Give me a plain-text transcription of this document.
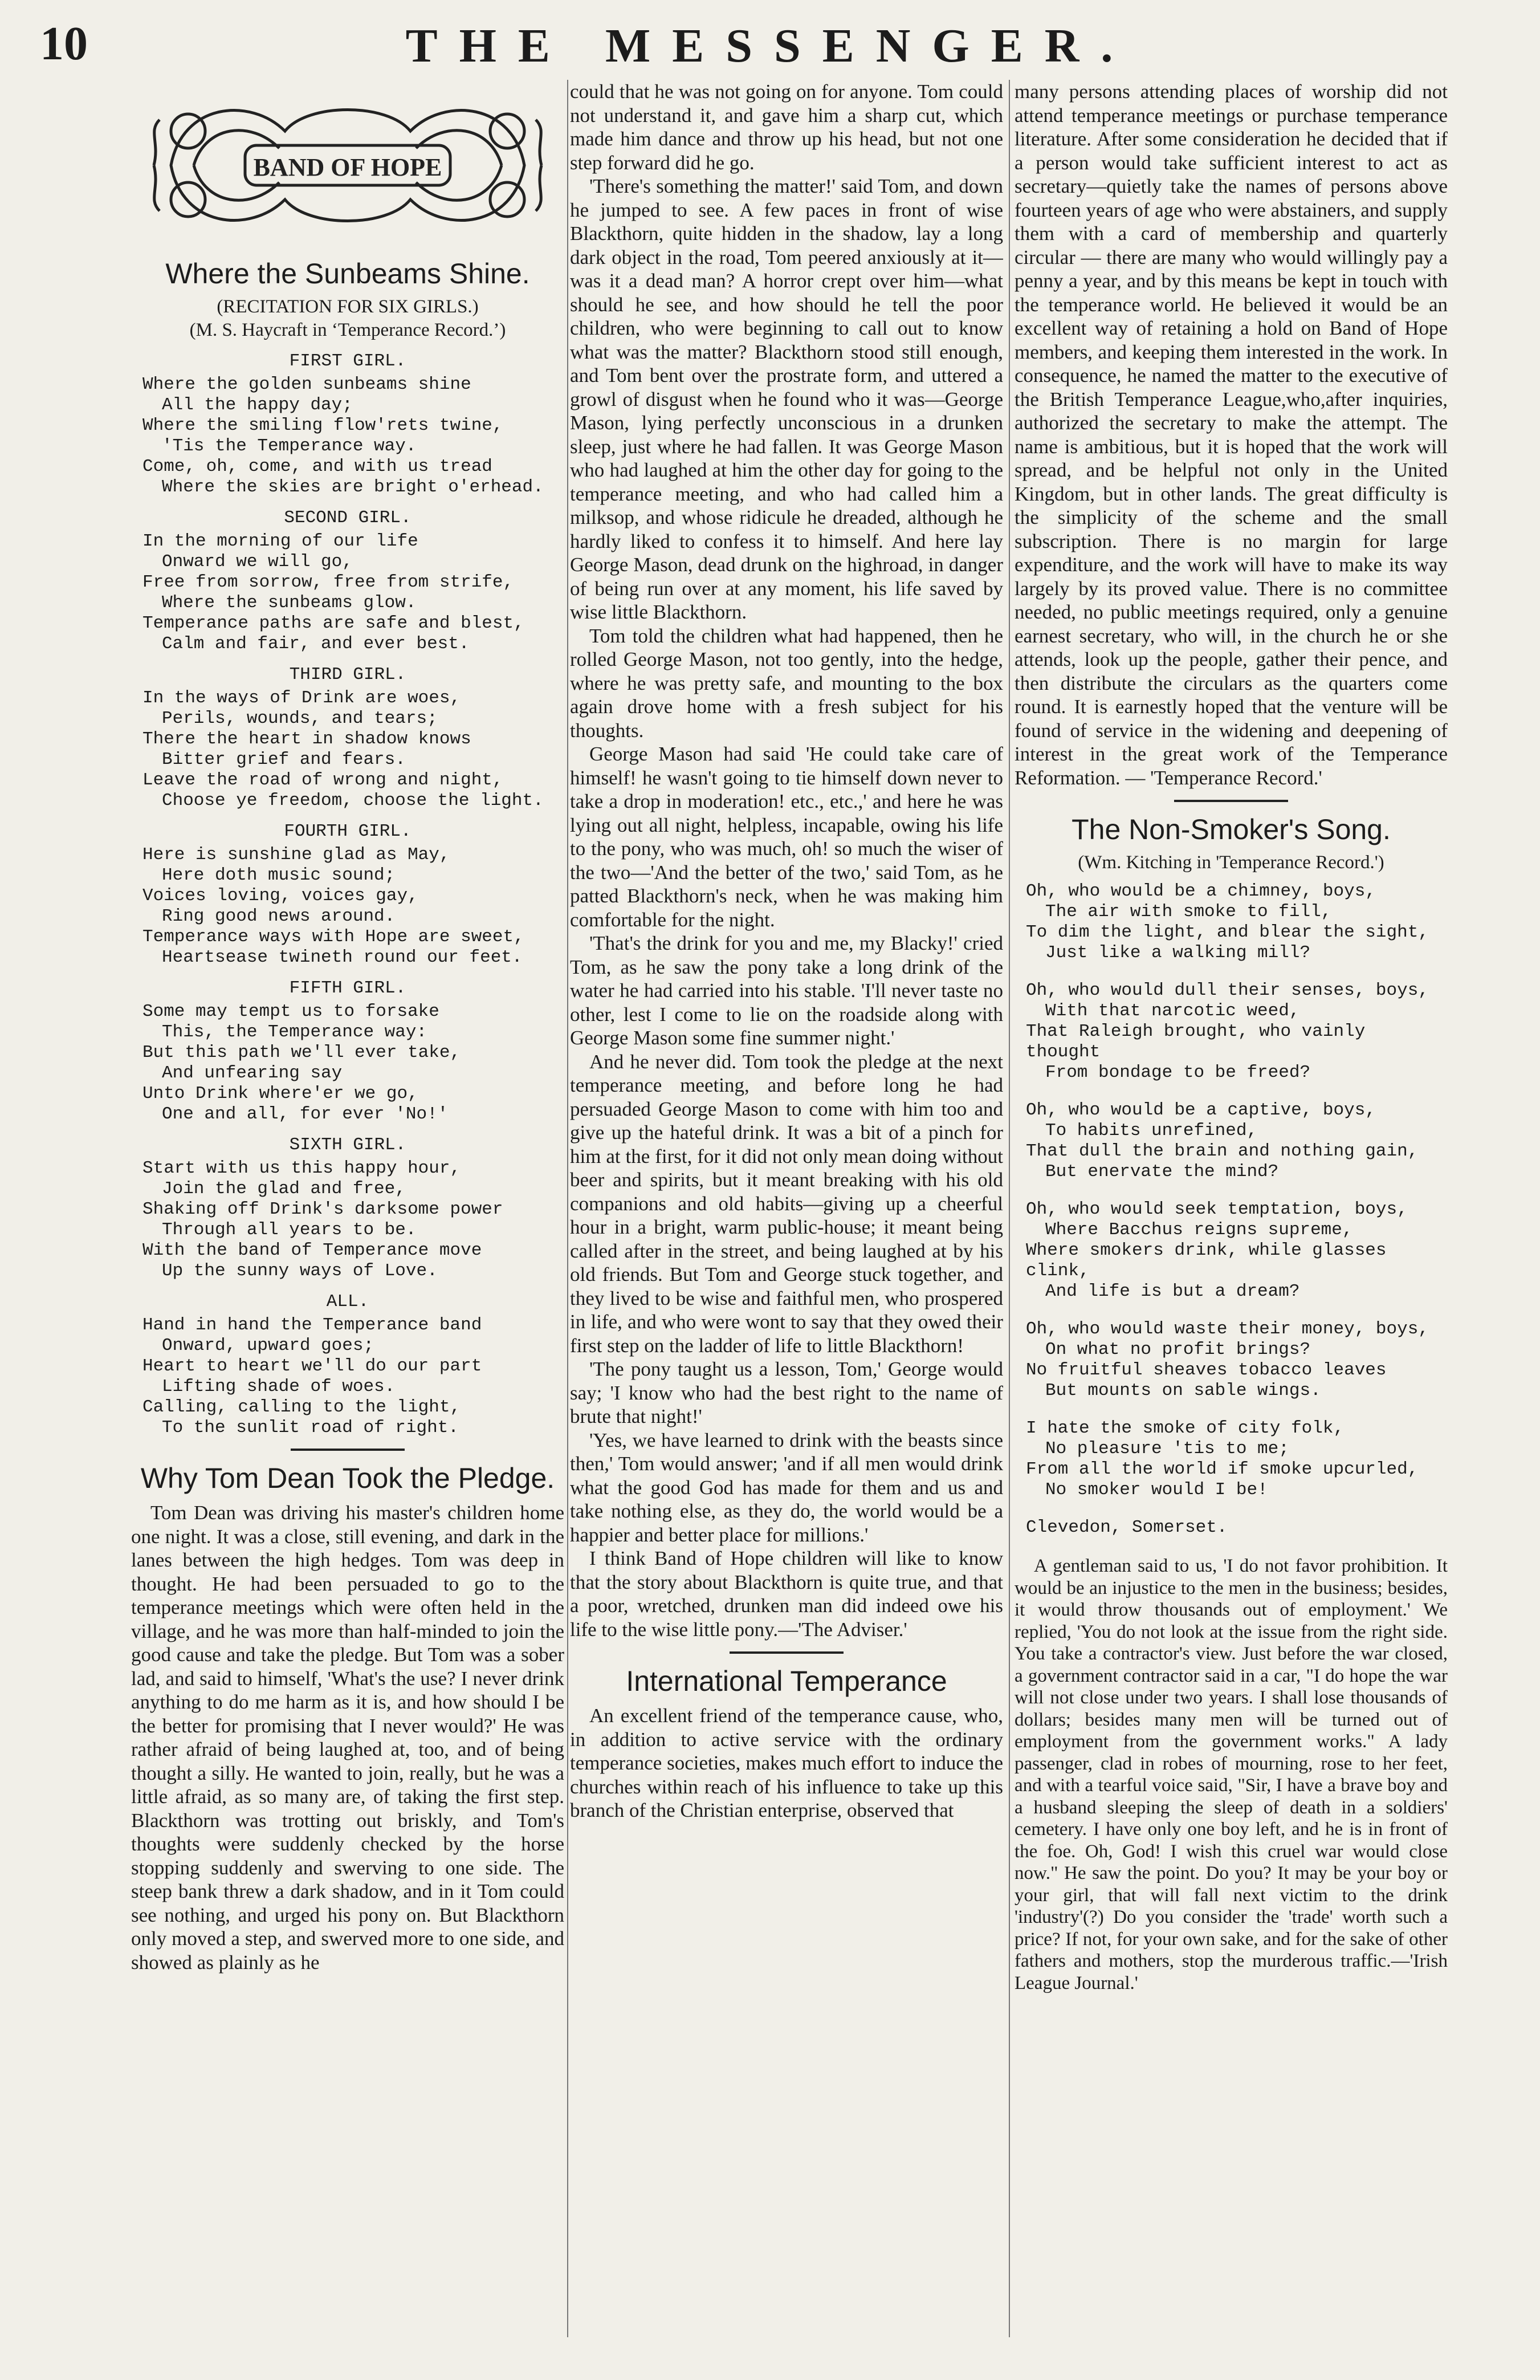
10	THE MESSENGER.
BAND OF HOPE
Where the Sunbeams Shine.
(RECITATION FOR SIX GIRLS.)
(M. S. Haycraft in ‘Temperance Record.’)
FIRST GIRL.
Where the golden sunbeams shine
All the happy day;
Where the smiling flow'rets twine,
'Tis the Temperance way.
Come, oh, come, and with us tread
Where the skies are bright o'erhead.
SECOND GIRL.
In the morning of our life
Onward we will go,
Free from sorrow, free from strife,
Where the sunbeams glow.
Temperance paths are safe and blest,
Calm and fair, and ever best.
THIRD GIRL.
In the ways of Drink are woes,
Perils, wounds, and tears;
There the heart in shadow knows
Bitter grief and fears.
Leave the road of wrong and night,
Choose ye freedom, choose the light.
FOURTH GIRL.
Here is sunshine glad as May,
Here doth music sound;
Voices loving, voices gay,
Ring good news around.
Temperance ways with Hope are sweet,
Heartsease twineth round our feet.
FIFTH GIRL.
Some may tempt us to forsake
This, the Temperance way:
But this path we'll ever take,
And unfearing say
Unto Drink where'er we go,
One and all, for ever 'No!'
SIXTH GIRL.
Start with us this happy hour,
Join the glad and free,
Shaking off Drink's darksome power
Through all years to be.
With the band of Temperance move
Up the sunny ways of Love.
ALL.
Hand in hand the Temperance band
Onward, upward goes;
Heart to heart we'll do our part
Lifting shade of woes.
Calling, calling to the light,
To the sunlit road of right.
Why Tom Dean Took the Pledge.

Tom Dean was driving his master's children home one night. It was a close, still evening, and dark in the lanes between the high hedges. Tom was deep in thought. He had been persuaded to go to the temperance meetings which were often held in the village, and he was more than half-minded to join the good cause and take the pledge. But Tom was a sober lad, and said to himself, 'What's the use? I never drink anything to do me harm as it is, and how should I be the better for promising that I never would?' He was rather afraid of being laughed at, too, and of being thought a silly. He wanted to join, really, but he was a little afraid, as so many are, of taking the first step. Blackthorn was trotting out briskly, and Tom's thoughts were suddenly checked by the horse stopping suddenly and swerving to one side. The steep bank threw a dark shadow, and in it Tom could see nothing, and urged his pony on. But Blackthorn only moved a step, and swerved more to one side, and showed as plainly as he

could that he was not going on for anyone. Tom could not understand it, and gave him a sharp cut, which made him dance and throw up his head, but not one step forward did he go.

'There's something the matter!' said Tom, and down he jumped to see. A few paces in front of wise Blackthorn, quite hidden in the shadow, lay a long dark object in the road, Tom peered anxiously at it—was it a dead man? A horror crept over him—what should he see, and how should he tell the poor children, who were beginning to call out to know what was the matter? Blackthorn stood still enough, and Tom bent over the prostrate form, and uttered a growl of disgust when he found who it was—George Mason, lying perfectly unconscious in a drunken sleep, just where he had fallen. It was George Mason who had laughed at him the other day for going to the temperance meeting, and who had called him a milksop, and whose ridicule he dreaded, although he hardly liked to confess it to himself. And here lay George Mason, dead drunk on the highroad, in danger of being run over at any moment, his life saved by wise little Blackthorn.

Tom told the children what had happened, then he rolled George Mason, not too gently, into the hedge, where he was pretty safe, and mounting to the box again drove home with a fresh subject for his thoughts.

George Mason had said 'He could take care of himself! he wasn't going to tie himself down never to take a drop in moderation! etc., etc.,' and here he was lying out all night, helpless, incapable, owing his life to the pony, who was much, oh! so much the wiser of the two—'And the better of the two,' said Tom, as he patted Blackthorn's neck, when he was making him comfortable for the night.

'That's the drink for you and me, my Blacky!' cried Tom, as he saw the pony take a long drink of the water he had carried into his stable. 'I'll never taste no other, lest I come to lie on the roadside along with George Mason some fine summer night.'

And he never did. Tom took the pledge at the next temperance meeting, and before long he had persuaded George Mason to come with him too and give up the hateful drink. It was a bit of a pinch for him at the first, for it did not only mean doing without beer and spirits, but it meant breaking with his old companions and old habits—giving up a cheerful hour in a bright, warm public-house; it meant being called after in the street, and being laughed at by his old friends. But Tom and George stuck together, and they lived to be wise and faithful men, who prospered in life, and who were wont to say that they owed their first step on the ladder of life to little Blackthorn!

'The pony taught us a lesson, Tom,' George would say; 'I know who had the best right to the name of brute that night!'

'Yes, we have learned to drink with the beasts since then,' Tom would answer; 'and if all men would drink what the good God has made for them and us and take nothing else, as they do, the world would be a happier and better place for millions.'

I think Band of Hope children will like to know that the story about Blackthorn is quite true, and that a poor, wretched, drunken man did indeed owe his life to the wise little pony.—'The Adviser.'

International Temperance

An excellent friend of the temperance cause, who, in addition to active service with the ordinary temperance societies, makes much effort to induce the churches within reach of his influence to take up this branch of the Christian enterprise, observed that

many persons attending places of worship did not attend temperance meetings or purchase temperance literature. After some consideration he decided that if a person would take sufficient interest to act as secretary—quietly take the names of persons above fourteen years of age who were abstainers, and supply them with a card of membership and quarterly circular — there are many who would willingly pay a penny a year, and by this means be kept in touch with the temperance world. He believed it would be an excellent way of retaining a hold on Band of Hope members, and keeping them interested in the work. In consequence, he named the matter to the executive of the British Temperance League,who,after inquiries, authorized the secretary to make the attempt. The name is ambitious, but it is hoped that the work will spread, and be helpful not only in the United Kingdom, but in other lands. The great difficulty is the simplicity of the scheme and the small subscription. There is no margin for large expenditure, and the work will have to make its way largely by its proved value. There is no committee needed, no public meetings required, only a genuine earnest secretary, who will, in the church he or she attends, look up the people, gather their pence, and then distribute the circulars as the quarters come round. It is earnestly hoped that the venture will be found of service in the widening and deepening of interest in the great work of the Temperance Reformation. — 'Temperance Record.'

The Non-Smoker's Song.
(Wm. Kitching in 'Temperance Record.')
Oh, who would be a chimney, boys,
The air with smoke to fill,
To dim the light, and blear the sight,
Just like a walking mill?
Oh, who would dull their senses, boys,
With that narcotic weed,
That Raleigh brought, who vainly thought
From bondage to be freed?
Oh, who would be a captive, boys,
To habits unrefined,
That dull the brain and nothing gain,
But enervate the mind?
Oh, who would seek temptation, boys,
Where Bacchus reigns supreme,
Where smokers drink, while glasses clink,
And life is but a dream?
Oh, who would waste their money, boys,
On what no profit brings?
No fruitful sheaves tobacco leaves
But mounts on sable wings.
I hate the smoke of city folk,
No pleasure 'tis to me;
From all the world if smoke upcurled,
No smoker would I be!
Clevedon, Somerset.

A gentleman said to us, 'I do not favor prohibition. It would be an injustice to the men in the business; besides, it would throw thousands out of employment.' We replied, 'You do not look at the issue from the right side. You take a contractor's view. Just before the war closed, a government contractor said in a car, "I do hope the war will not close under two years. I shall lose thousands of dollars; besides many men will be turned out of employment from the government works." A lady passenger, clad in robes of mourning, rose to her feet, and with a tearful voice said, "Sir, I have a brave boy and a husband sleeping the sleep of death in a soldiers' cemetery. I have only one boy left, and he is in front of the foe. Oh, God! I wish this cruel war would close now." He saw the point. Do you? It may be your boy or your girl, that will fall next victim to the drink 'industry'(?) Do you consider the 'trade' worth such a price? If not, for your own sake, and for the sake of other fathers and mothers, stop the murderous traffic.—'Irish League Journal.'
